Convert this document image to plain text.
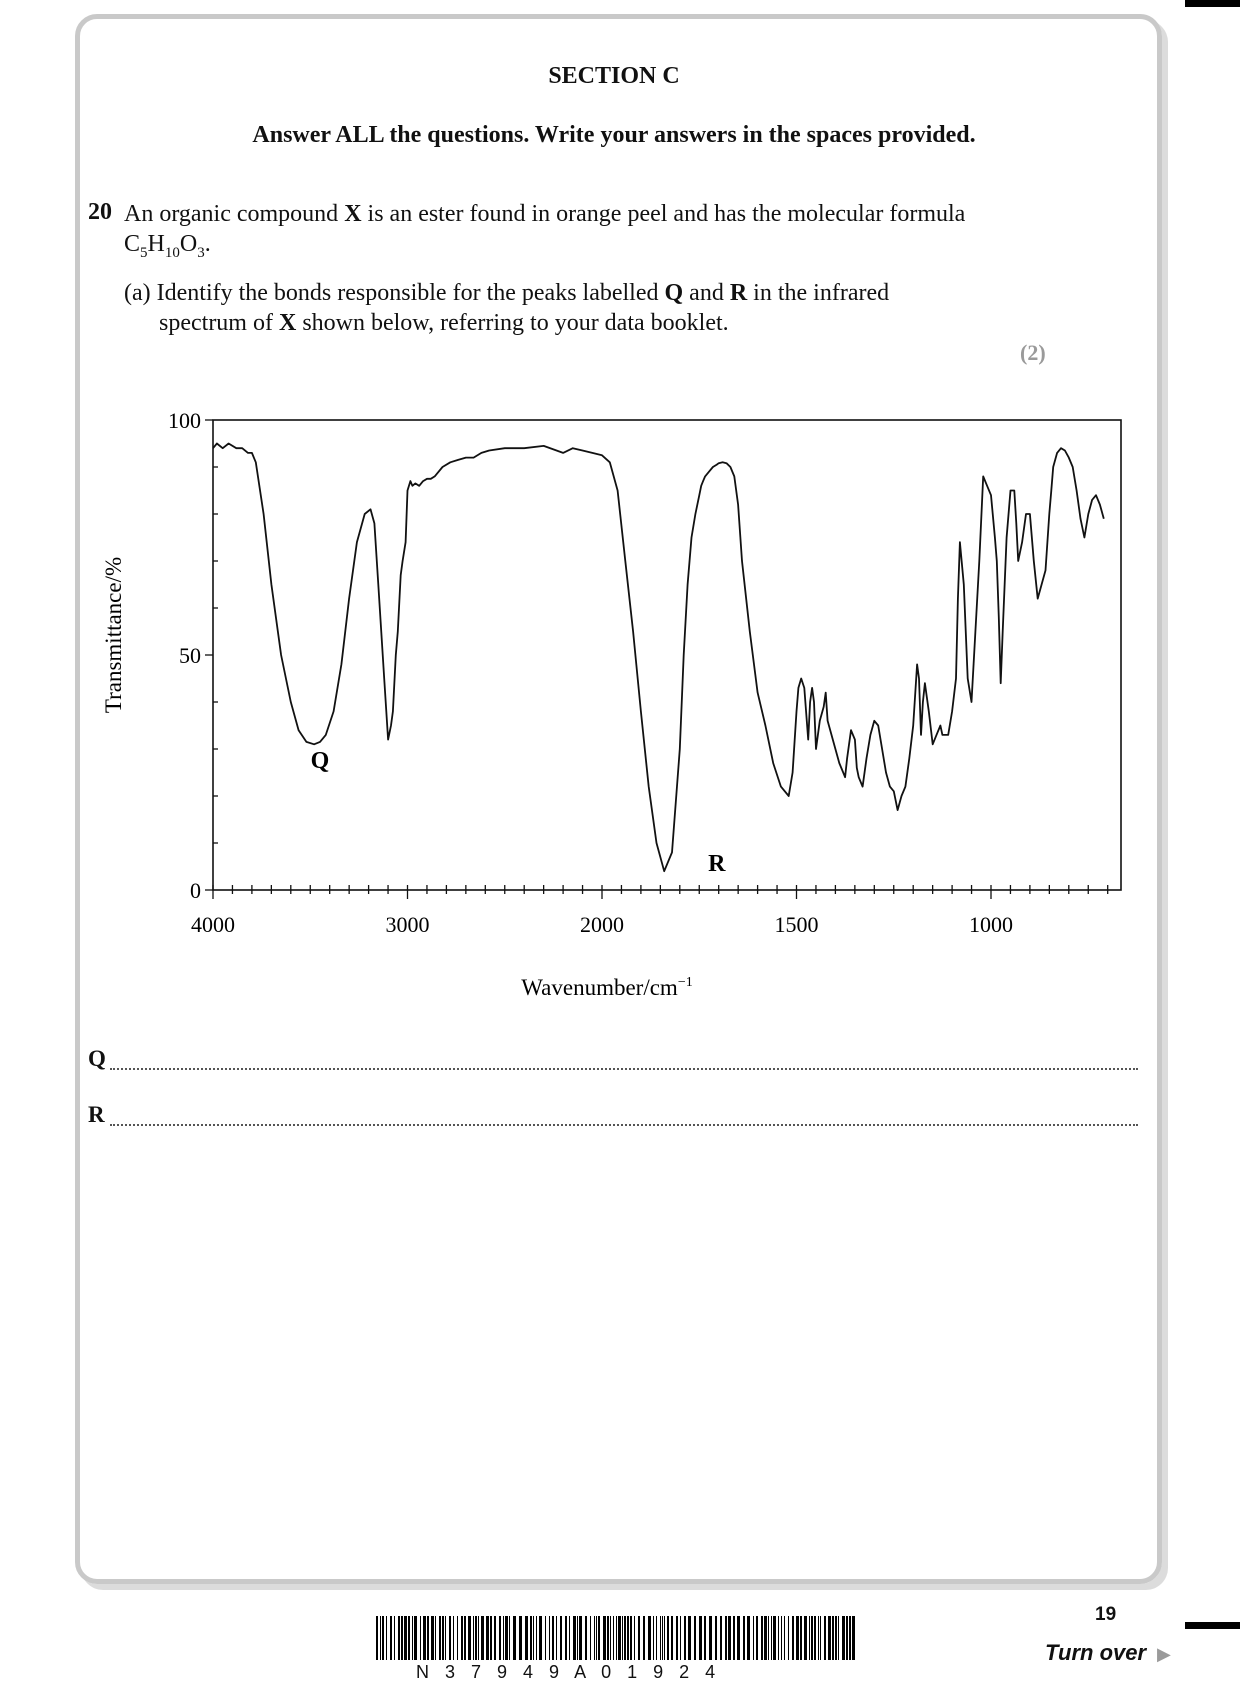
SECTION C
Answer ALL the questions. Write your answers in the spaces provided.
20 An organic compound X is an ester found in orange peel and has the molecular formula
$C_5H_{10}O_3$.
(a) Identify the bonds responsible for the peaks labelled Q and R in the infrared
spectrum of X shown below, referring to your data booklet.
(2)
100
50
0
4000	3000	2000	1500	1000
Q
R
Wavenumber/$cm^{-1}$
Transmittance/%
Q
R
19
Turn over ▶
N 3 7 9 4 9 A 0 1 9 2 4
